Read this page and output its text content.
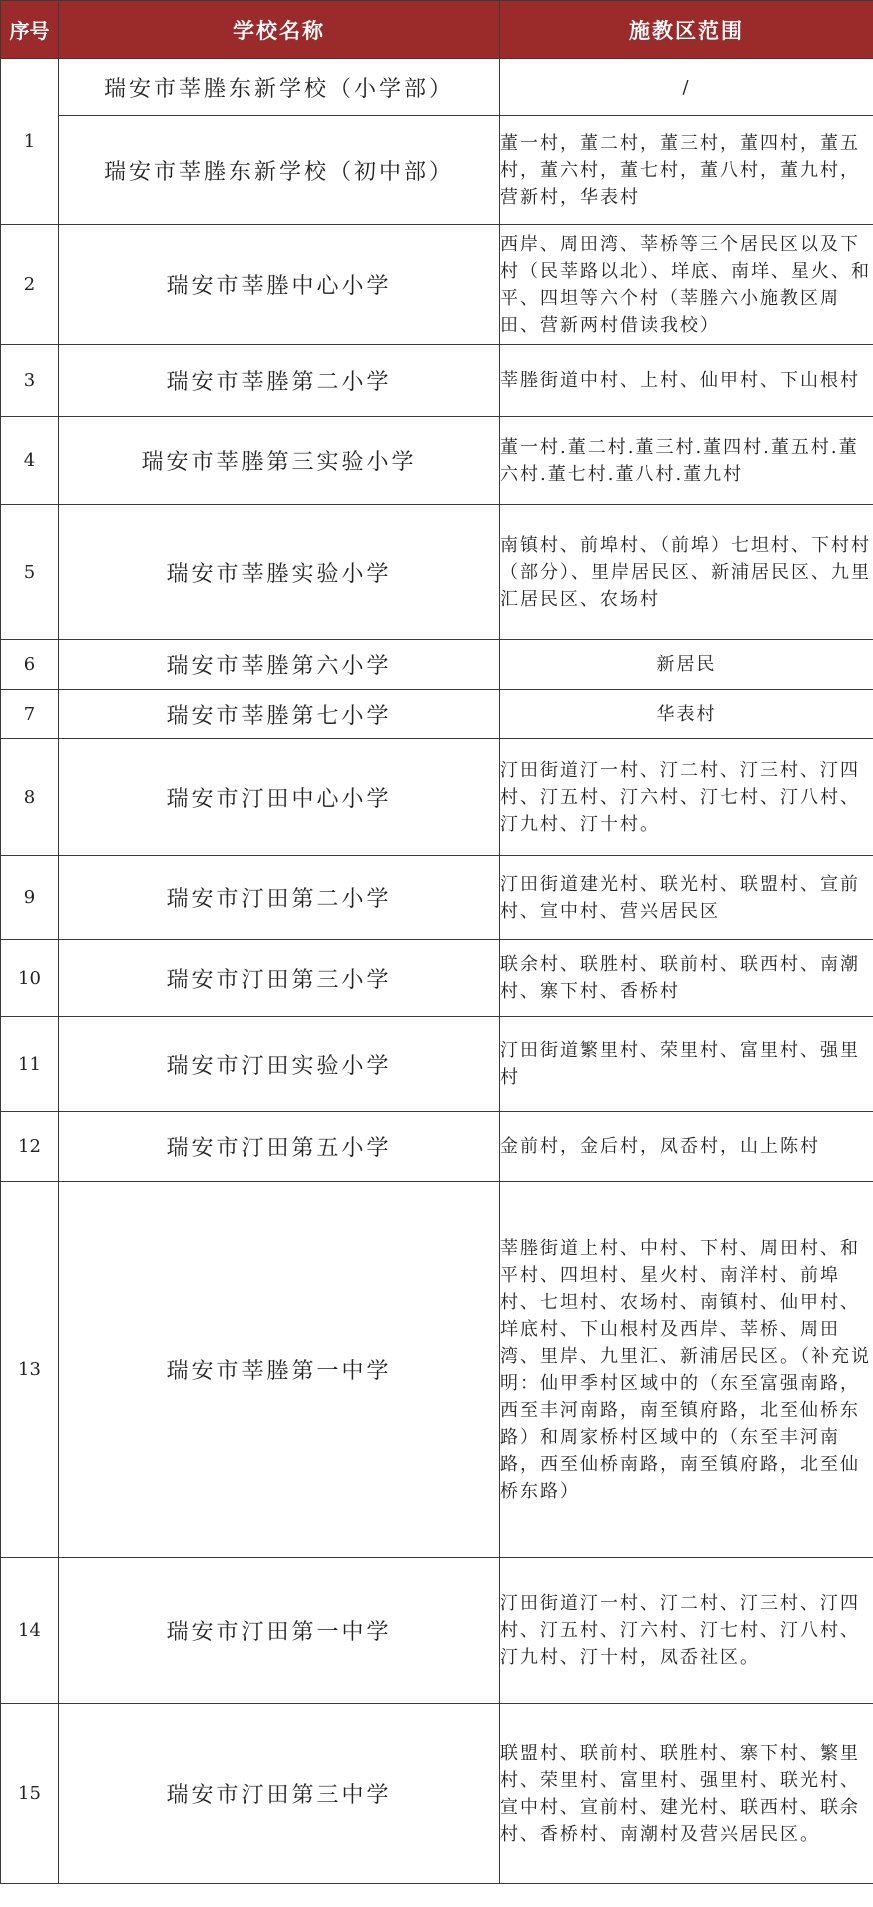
序号	学校名称	施教区范围
1	瑞安市莘塍东新学校（小学部）	/
	瑞安市莘塍东新学校（初中部）	董一村，董二村，董三村，董四村，董五村，董六村，董七村，董八村，董九村，营新村，华表村
2	瑞安市莘塍中心小学	西岸、周田湾、莘桥等三个居民区以及下村（民莘路以北）、垟底、南垟、星火、和平、四坦等六个村（莘塍六小施教区周田、营新两村借读我校）
3	瑞安市莘塍第二小学	莘塍街道中村、上村、仙甲村、下山根村
4	瑞安市莘塍第三实验小学	董一村.董二村.董三村.董四村.董五村.董六村.董七村.董八村.董九村
5	瑞安市莘塍实验小学	南镇村、前埠村、（前埠）七坦村、下村村（部分）、里岸居民区、新浦居民区、九里汇居民区、农场村
6	瑞安市莘塍第六小学	新居民
7	瑞安市莘塍第七小学	华表村
8	瑞安市汀田中心小学	汀田街道汀一村、汀二村、汀三村、汀四村、汀五村、汀六村、汀七村、汀八村、汀九村、汀十村。
9	瑞安市汀田第二小学	汀田街道建光村、联光村、联盟村、宣前村、宣中村、营兴居民区
10	瑞安市汀田第三小学	联余村、联胜村、联前村、联西村、南潮村、寨下村、香桥村
11	瑞安市汀田实验小学	汀田街道繁里村、荣里村、富里村、强里村
12	瑞安市汀田第五小学	金前村，金后村，凤岙村，山上陈村
13	瑞安市莘塍第一中学	莘塍街道上村、中村、下村、周田村、和平村、四坦村、星火村、南洋村、前埠村、七坦村、农场村、南镇村、仙甲村、垟底村、下山根村及西岸、莘桥、周田湾、里岸、九里汇、新浦居民区。（补充说明：仙甲季村区域中的（东至富强南路，西至丰河南路，南至镇府路，北至仙桥东路）和周家桥村区域中的（东至丰河南路，西至仙桥南路，南至镇府路，北至仙桥东路）
14	瑞安市汀田第一中学	汀田街道汀一村、汀二村、汀三村、汀四村、汀五村、汀六村、汀七村、汀八村、汀九村、汀十村，凤岙社区。
15	瑞安市汀田第三中学	联盟村、联前村、联胜村、寨下村、繁里村、荣里村、富里村、强里村、联光村、宣中村、宣前村、建光村、联西村、联余村、香桥村、南潮村及营兴居民区。
